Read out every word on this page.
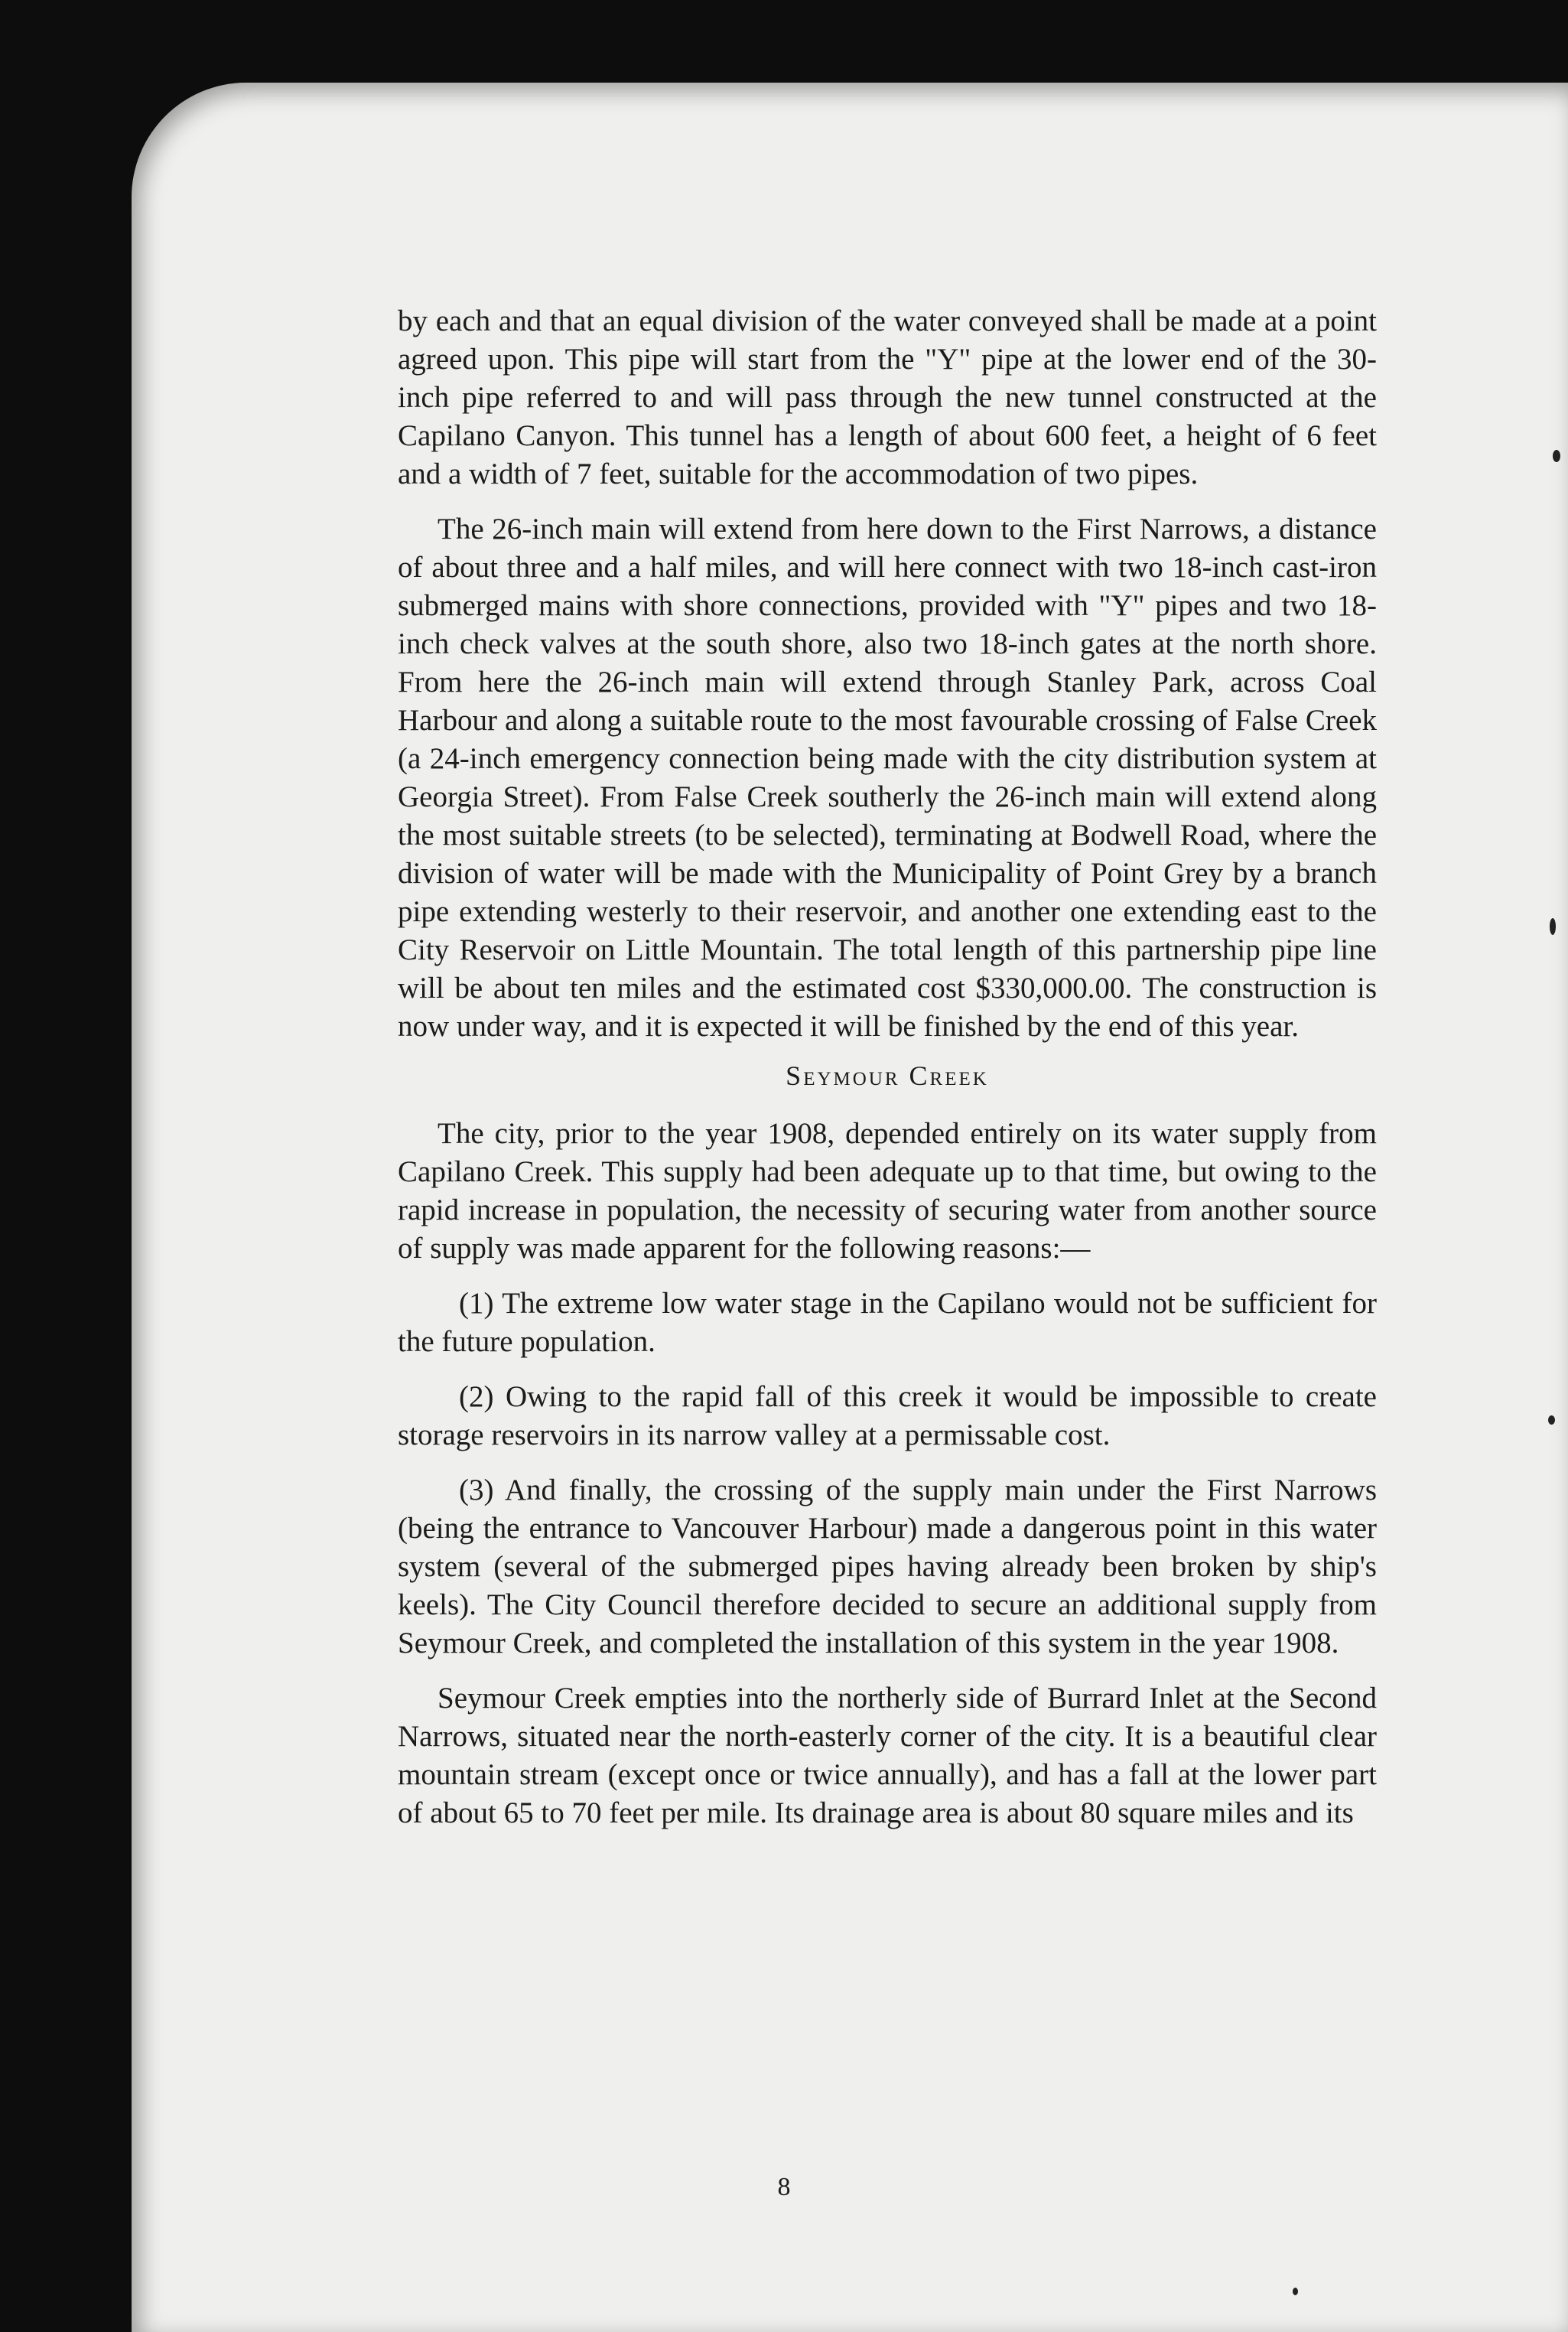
by each and that an equal division of the water conveyed shall be made at a point agreed upon. This pipe will start from the "Y" pipe at the lower end of the 30-inch pipe referred to and will pass through the new tunnel constructed at the Capilano Canyon. This tunnel has a length of about 600 feet, a height of 6 feet and a width of 7 feet, suitable for the accommodation of two pipes.

The 26-inch main will extend from here down to the First Narrows, a distance of about three and a half miles, and will here connect with two 18-inch cast-iron submerged mains with shore connections, provided with "Y" pipes and two 18-inch check valves at the south shore, also two 18-inch gates at the north shore. From here the 26-inch main will extend through Stanley Park, across Coal Harbour and along a suitable route to the most favourable crossing of False Creek (a 24-inch emergency connection being made with the city distribution system at Georgia Street). From False Creek southerly the 26-inch main will extend along the most suitable streets (to be selected), terminating at Bodwell Road, where the division of water will be made with the Municipality of Point Grey by a branch pipe extending westerly to their reservoir, and another one extending east to the City Reservoir on Little Mountain. The total length of this partnership pipe line will be about ten miles and the estimated cost $330,000.00. The construction is now under way, and it is expected it will be finished by the end of this year.

Seymour Creek

The city, prior to the year 1908, depended entirely on its water supply from Capilano Creek. This supply had been adequate up to that time, but owing to the rapid increase in population, the necessity of securing water from another source of supply was made apparent for the following reasons:—

(1) The extreme low water stage in the Capilano would not be sufficient for the future population.

(2) Owing to the rapid fall of this creek it would be impossible to create storage reservoirs in its narrow valley at a permissable cost.

(3) And finally, the crossing of the supply main under the First Narrows (being the entrance to Vancouver Harbour) made a dangerous point in this water system (several of the submerged pipes having already been broken by ship's keels). The City Council therefore decided to secure an additional supply from Seymour Creek, and completed the installation of this system in the year 1908.

Seymour Creek empties into the northerly side of Burrard Inlet at the Second Narrows, situated near the north-easterly corner of the city. It is a beautiful clear mountain stream (except once or twice annually), and has a fall at the lower part of about 65 to 70 feet per mile. Its drainage area is about 80 square miles and its

8
